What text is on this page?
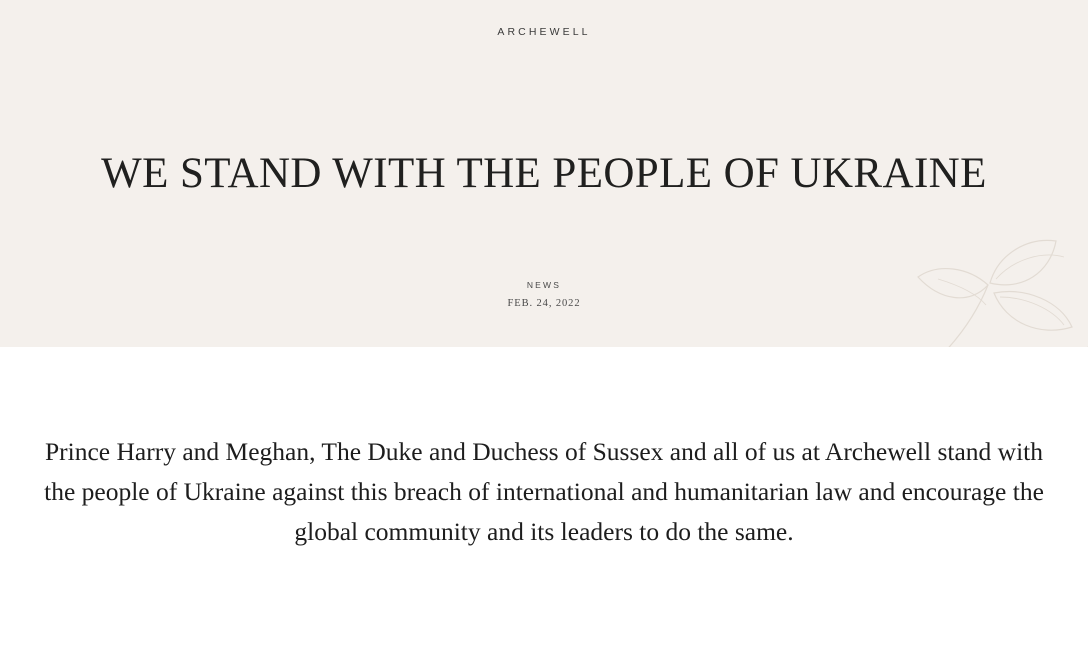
ARCHEWELL
WE STAND WITH THE PEOPLE OF UKRAINE
NEWS
FEB. 24, 2022

Prince Harry and Meghan, The Duke and Duchess of Sussex and all of us at Archewell stand with the people of Ukraine against this breach of international and humanitarian law and encourage the global community and its leaders to do the same.
